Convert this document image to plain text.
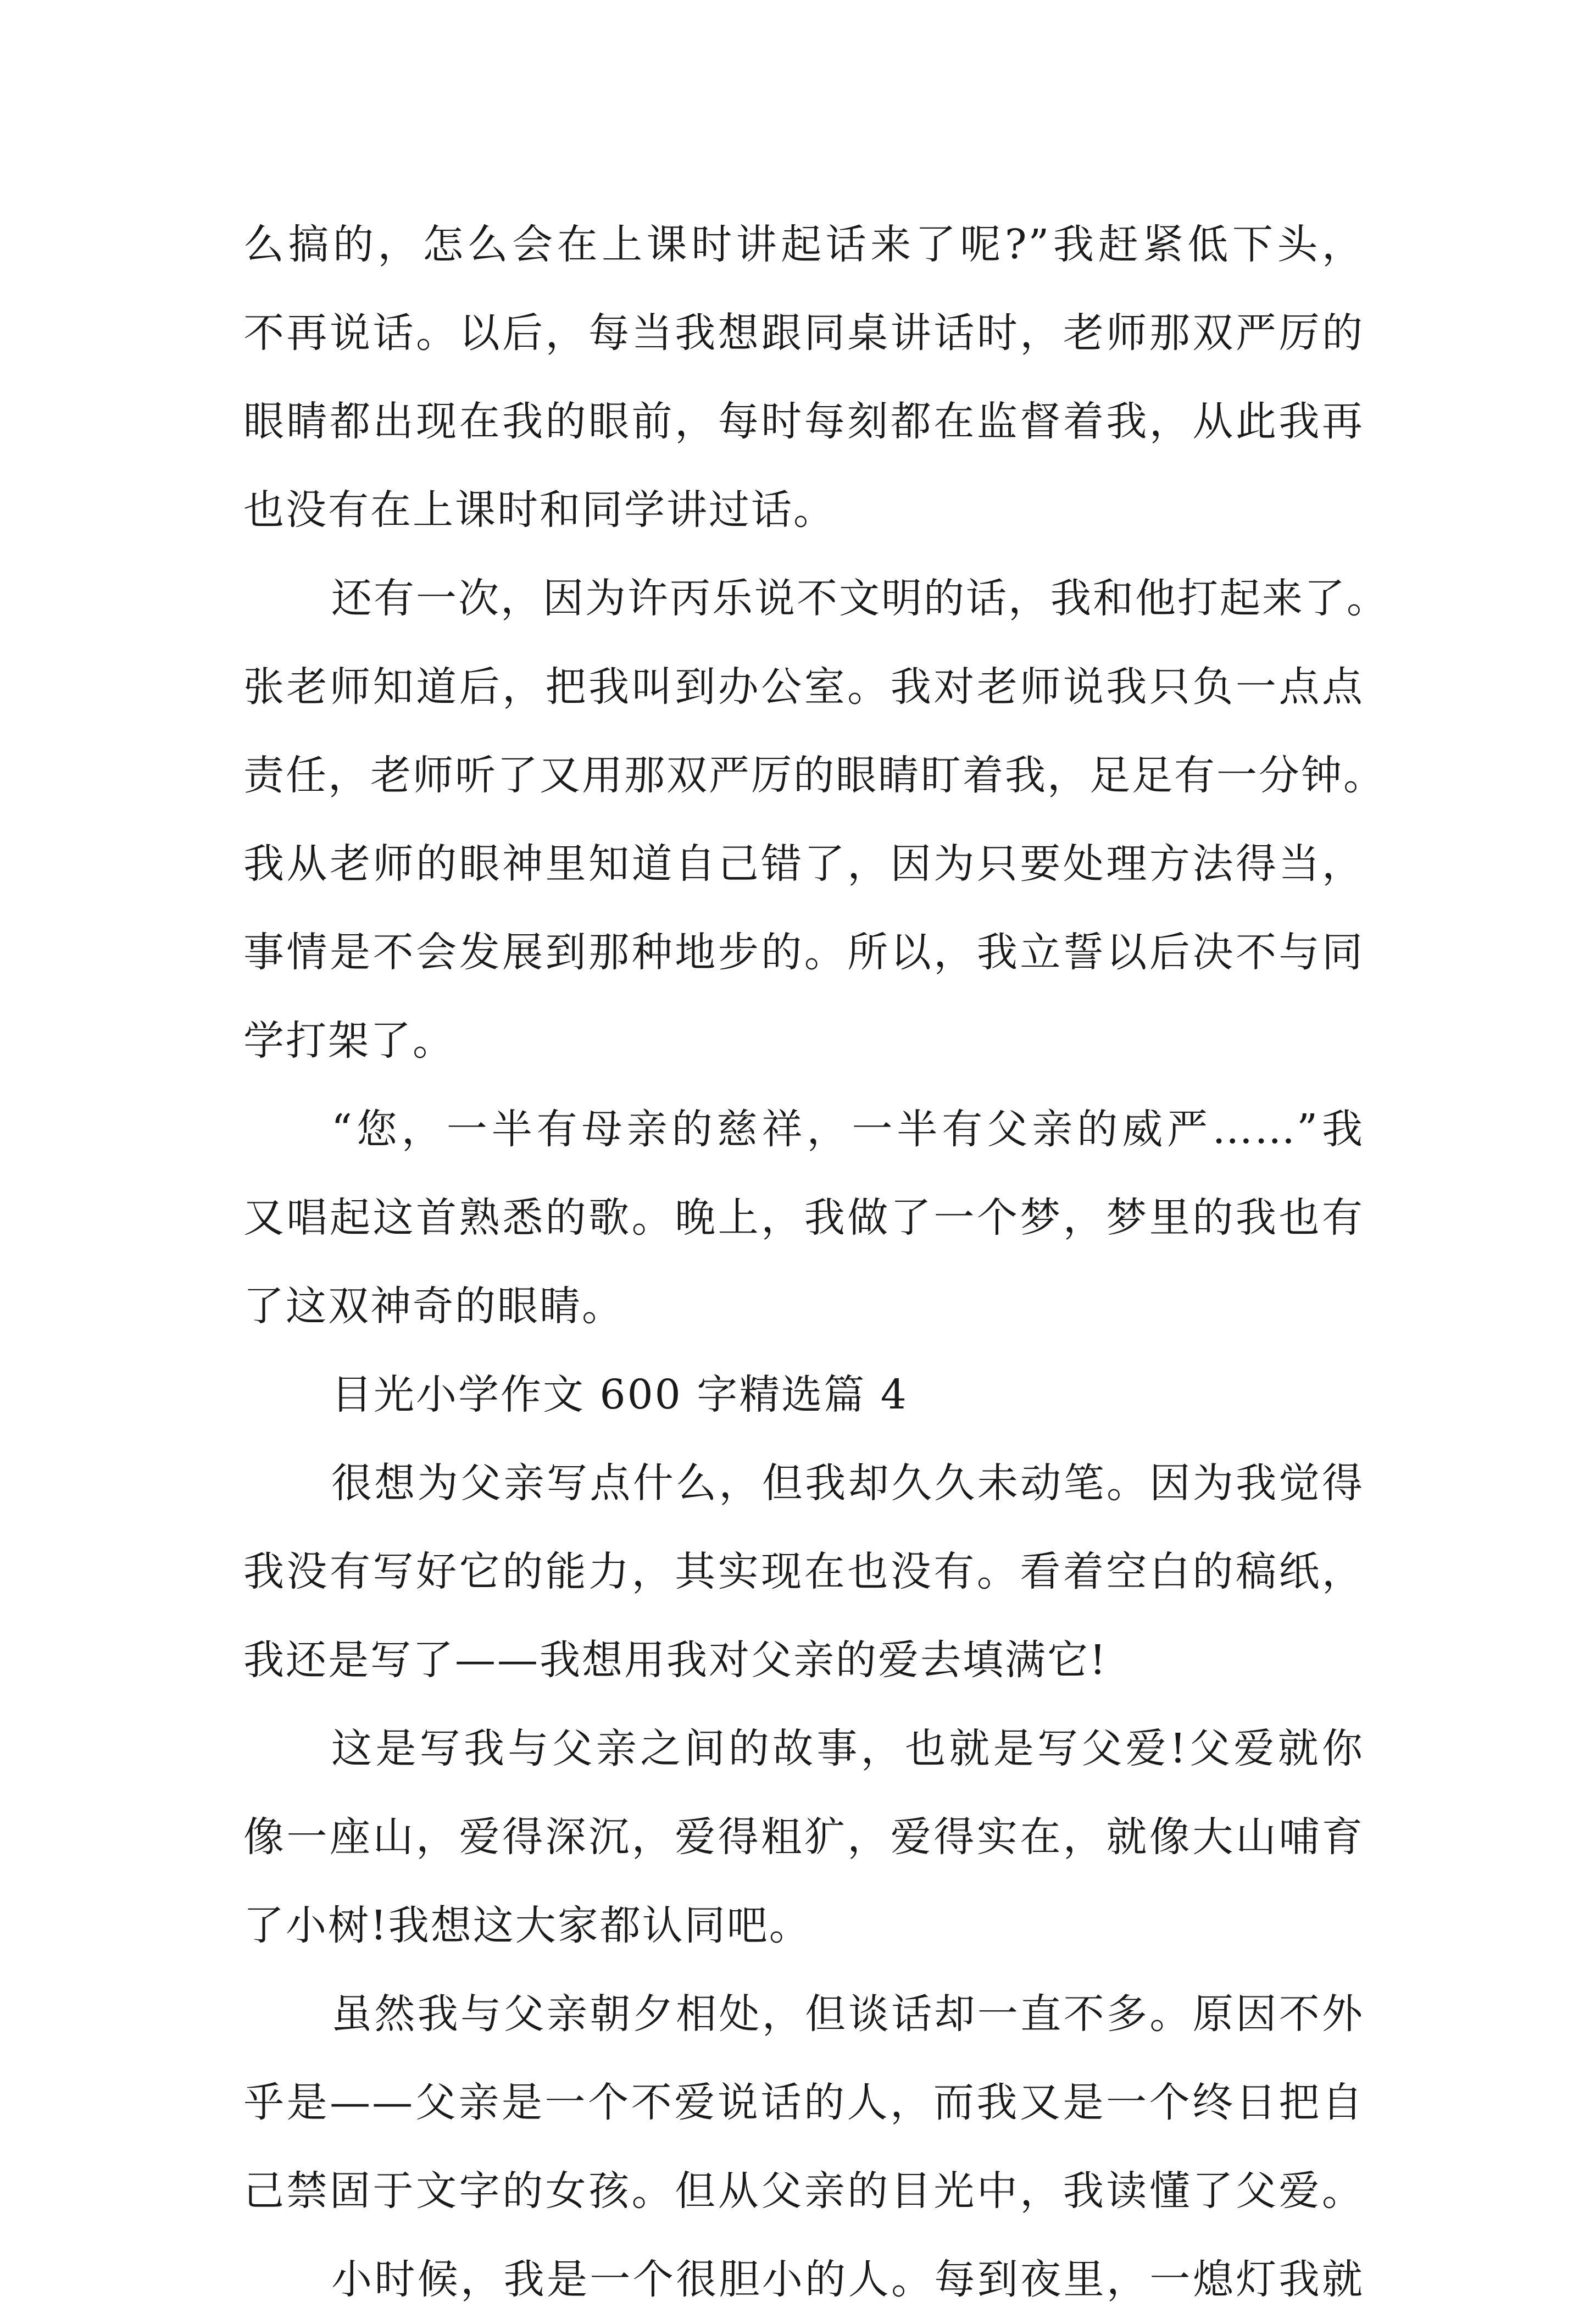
么搞的，怎么会在上课时讲起话来了呢?”我赶紧低下头，
不再说话。以后，每当我想跟同桌讲话时，老师那双严厉的
眼睛都出现在我的眼前，每时每刻都在监督着我，从此我再
也没有在上课时和同学讲过话。
还有一次，因为许丙乐说不文明的话，我和他打起来了。
张老师知道后，把我叫到办公室。我对老师说我只负一点点
责任，老师听了又用那双严厉的眼睛盯着我，足足有一分钟。
我从老师的眼神里知道自己错了，因为只要处理方法得当，
事情是不会发展到那种地步的。所以，我立誓以后决不与同
学打架了。
“您，一半有母亲的慈祥，一半有父亲的威严……”我
又唱起这首熟悉的歌。晚上，我做了一个梦，梦里的我也有
了这双神奇的眼睛。
目光小学作文 600 字精选篇 4
很想为父亲写点什么，但我却久久未动笔。因为我觉得
我没有写好它的能力，其实现在也没有。看着空白的稿纸，
我还是写了——我想用我对父亲的爱去填满它!
这是写我与父亲之间的故事，也就是写父爱!父爱就你
像一座山，爱得深沉，爱得粗犷，爱得实在，就像大山哺育
了小树!我想这大家都认同吧。
虽然我与父亲朝夕相处，但谈话却一直不多。原因不外
乎是——父亲是一个不爱说话的人，而我又是一个终日把自
己禁固于文字的女孩。但从父亲的目光中，我读懂了父爱。
小时候，我是一个很胆小的人。每到夜里，一熄灯我就
